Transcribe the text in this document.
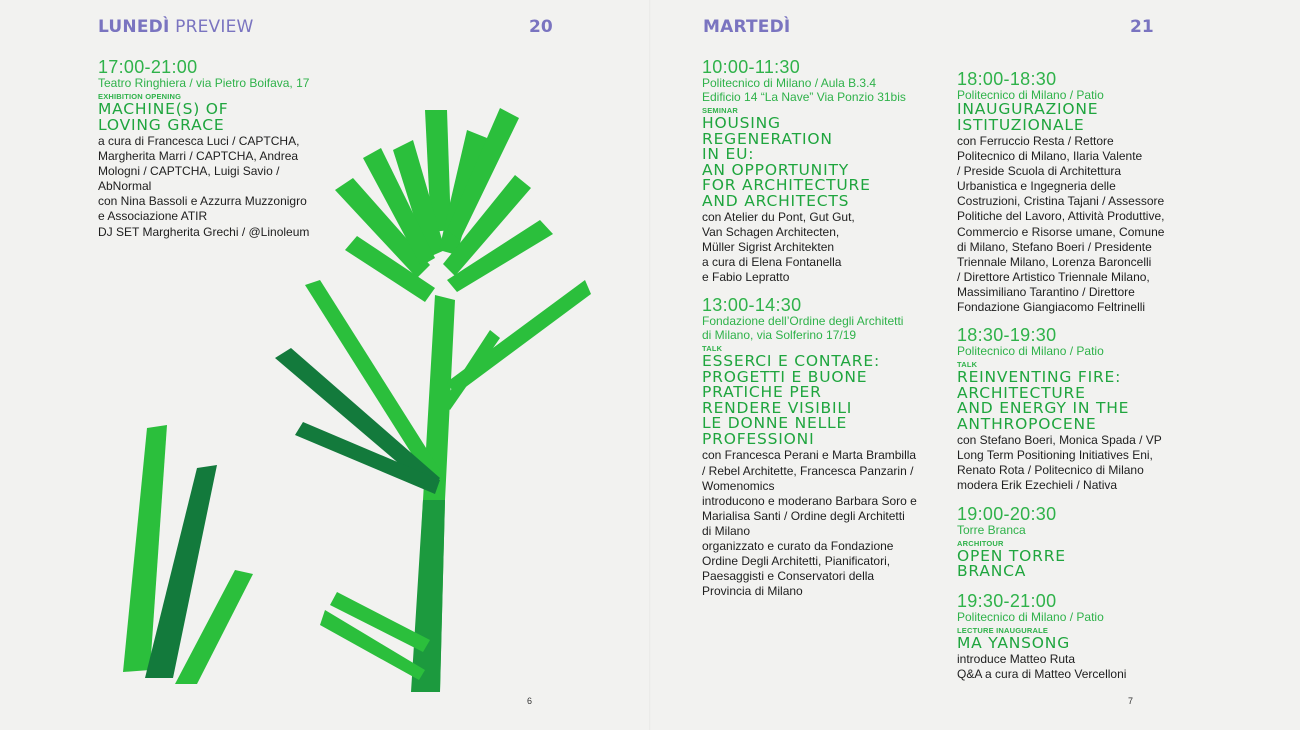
LUNEDÌ PREVIEW	20	MARTEDÌ	21
17:00-21:00
Teatro Ringhiera / via Pietro Boifava, 17
EXHIBITION OPENING
MACHINE(S) OF
LOVING GRACE
a cura di Francesca Luci / CAPTCHA,
Margherita Marri / CAPTCHA, Andrea
Mologni / CAPTCHA, Luigi Savio /
AbNormal
con Nina Bassoli e Azzurra Muzzonigro
e Associazione ATIR
DJ SET Margherita Grechi / @Linoleum
10:00-11:30
Politecnico di Milano / Aula B.3.4
Edificio 14 “La Nave” Via Ponzio 31bis
SEMINAR
HOUSING
REGENERATION
IN EU:
AN OPPORTUNITY
FOR ARCHITECTURE
AND ARCHITECTS
con Atelier du Pont, Gut Gut,
Van Schagen Architecten,
Müller Sigrist Architekten
a cura di Elena Fontanella
e Fabio Lepratto
13:00-14:30
Fondazione dell’Ordine degli Architetti
di Milano, via Solferino 17/19
TALK
ESSERCI E CONTARE:
PROGETTI E BUONE
PRATICHE PER
RENDERE VISIBILI
LE DONNE NELLE
PROFESSIONI
con Francesca Perani e Marta Brambilla
/ Rebel Architette, Francesca Panzarin /
Womenomics
introducono e moderano Barbara Soro e
Marialisa Santi / Ordine degli Architetti
di Milano
organizzato e curato da Fondazione
Ordine Degli Architetti, Pianificatori,
Paesaggisti e Conservatori della
Provincia di Milano
18:00-18:30
Politecnico di Milano / Patio
INAUGURAZIONE
ISTITUZIONALE
con Ferruccio Resta / Rettore
Politecnico di Milano, Ilaria Valente
/ Preside Scuola di Architettura
Urbanistica e Ingegneria delle
Costruzioni, Cristina Tajani / Assessore
Politiche del Lavoro, Attività Produttive,
Commercio e Risorse umane, Comune
di Milano, Stefano Boeri / Presidente
Triennale Milano, Lorenza Baroncelli
/ Direttore Artistico Triennale Milano,
Massimiliano Tarantino / Direttore
Fondazione Giangiacomo Feltrinelli
18:30-19:30
Politecnico di Milano / Patio
TALK
REINVENTING FIRE:
ARCHITECTURE
AND ENERGY IN THE
ANTHROPOCENE
con Stefano Boeri, Monica Spada / VP
Long Term Positioning Initiatives Eni,
Renato Rota / Politecnico di Milano
modera Erik Ezechieli / Nativa
19:00-20:30
Torre Branca
ARCHITOUR
OPEN TORRE
BRANCA
19:30-21:00
Politecnico di Milano / Patio
LECTURE INAUGURALE
MA YANSONG
introduce Matteo Ruta
Q&A a cura di Matteo Vercelloni
6	7
